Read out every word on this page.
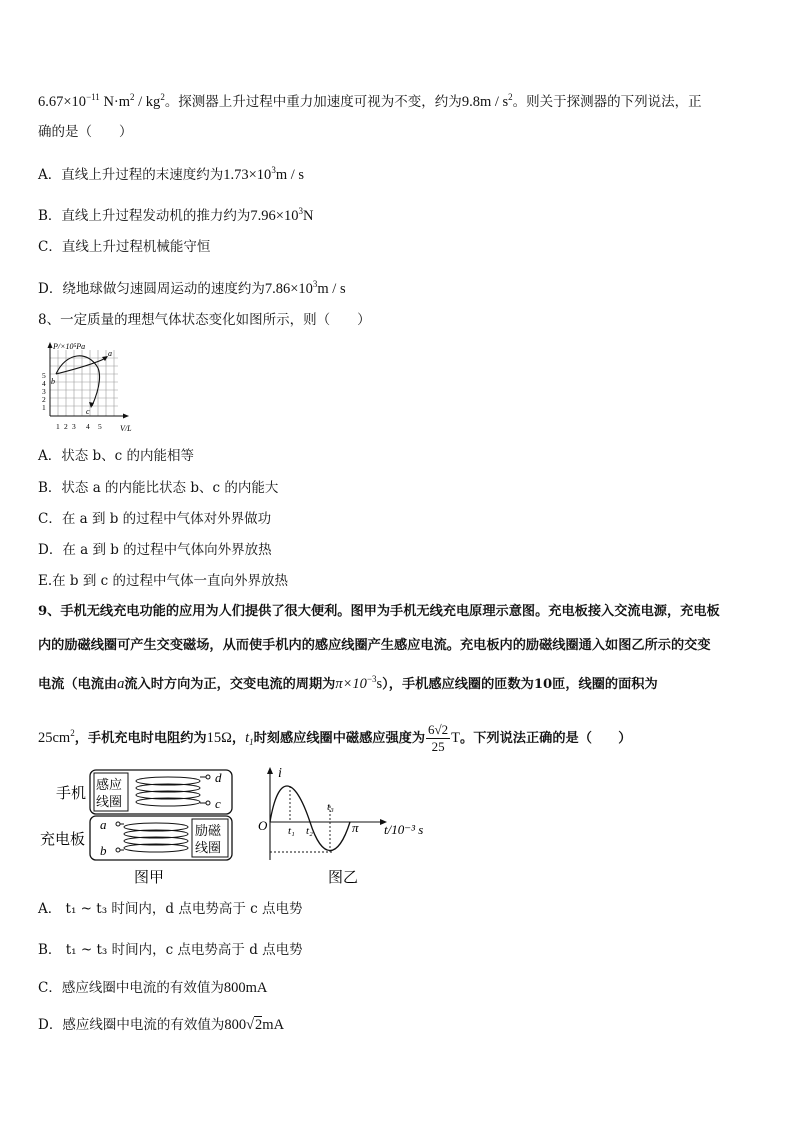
$6.67\times 10^{-11}$ $N\cdot m^2 / kg^2$。探测器上升过程中重力加速度可视为不变，约为$9.8m / s^2$。则关于探测器的下列说法，正
确的是（　　）
A．直线上升过程的末速度约为$1.73\times 10^3m / s$
B．直线上升过程发动机的推力约为$7.96\times 10^3N$
C．直线上升过程机械能守恒
D．绕地球做匀速圆周运动的速度约为$7.86\times 10^3m / s$
8、一定质量的理想气体状态变化如图所示，则（　　）
P/×10⁵Pa
a
b
c
1
2
3
4
5
1 2 3 4 5 V/L
A．状态 b、c 的内能相等
B．状态 a 的内能比状态 b、c 的内能大
C．在 a 到 b 的过程中气体对外界做功
D．在 a 到 b 的过程中气体向外界放热
E.在 b 到 c 的过程中气体一直向外界放热
9、手机无线充电功能的应用为人们提供了很大便利。图甲为手机无线充电原理示意图。充电板接入交流电源，充电板
内的励磁线圈可产生交变磁场，从而使手机内的感应线圈产生感应电流。充电板内的励磁线圈通入如图乙所示的交变
电流（电流由a流入时方向为正，交变电流的周期为$\pi\times 10^{-3}s$），手机感应线圈的匝数为10匝，线圈的面积为
$25cm^2$，手机充电时电阻约为15Ω，$t_1$时刻感应线圈中磁感应强度为 $\frac{6√2}{25}$ T。下列说法正确的是（　　）
手机
充电板
感应
线圈
d
c
励磁
线圈
a
b
图甲
i
O t₁ t₂
t₃
π t/10⁻³ s
图乙
A． t₁ ~ t₃ 时间内，d 点电势高于 c 点电势
B． t₁ ~ t₃ 时间内，c 点电势高于 d 点电势
C．感应线圈中电流的有效值为800mA
D．感应线圈中电流的有效值为800√2mA
